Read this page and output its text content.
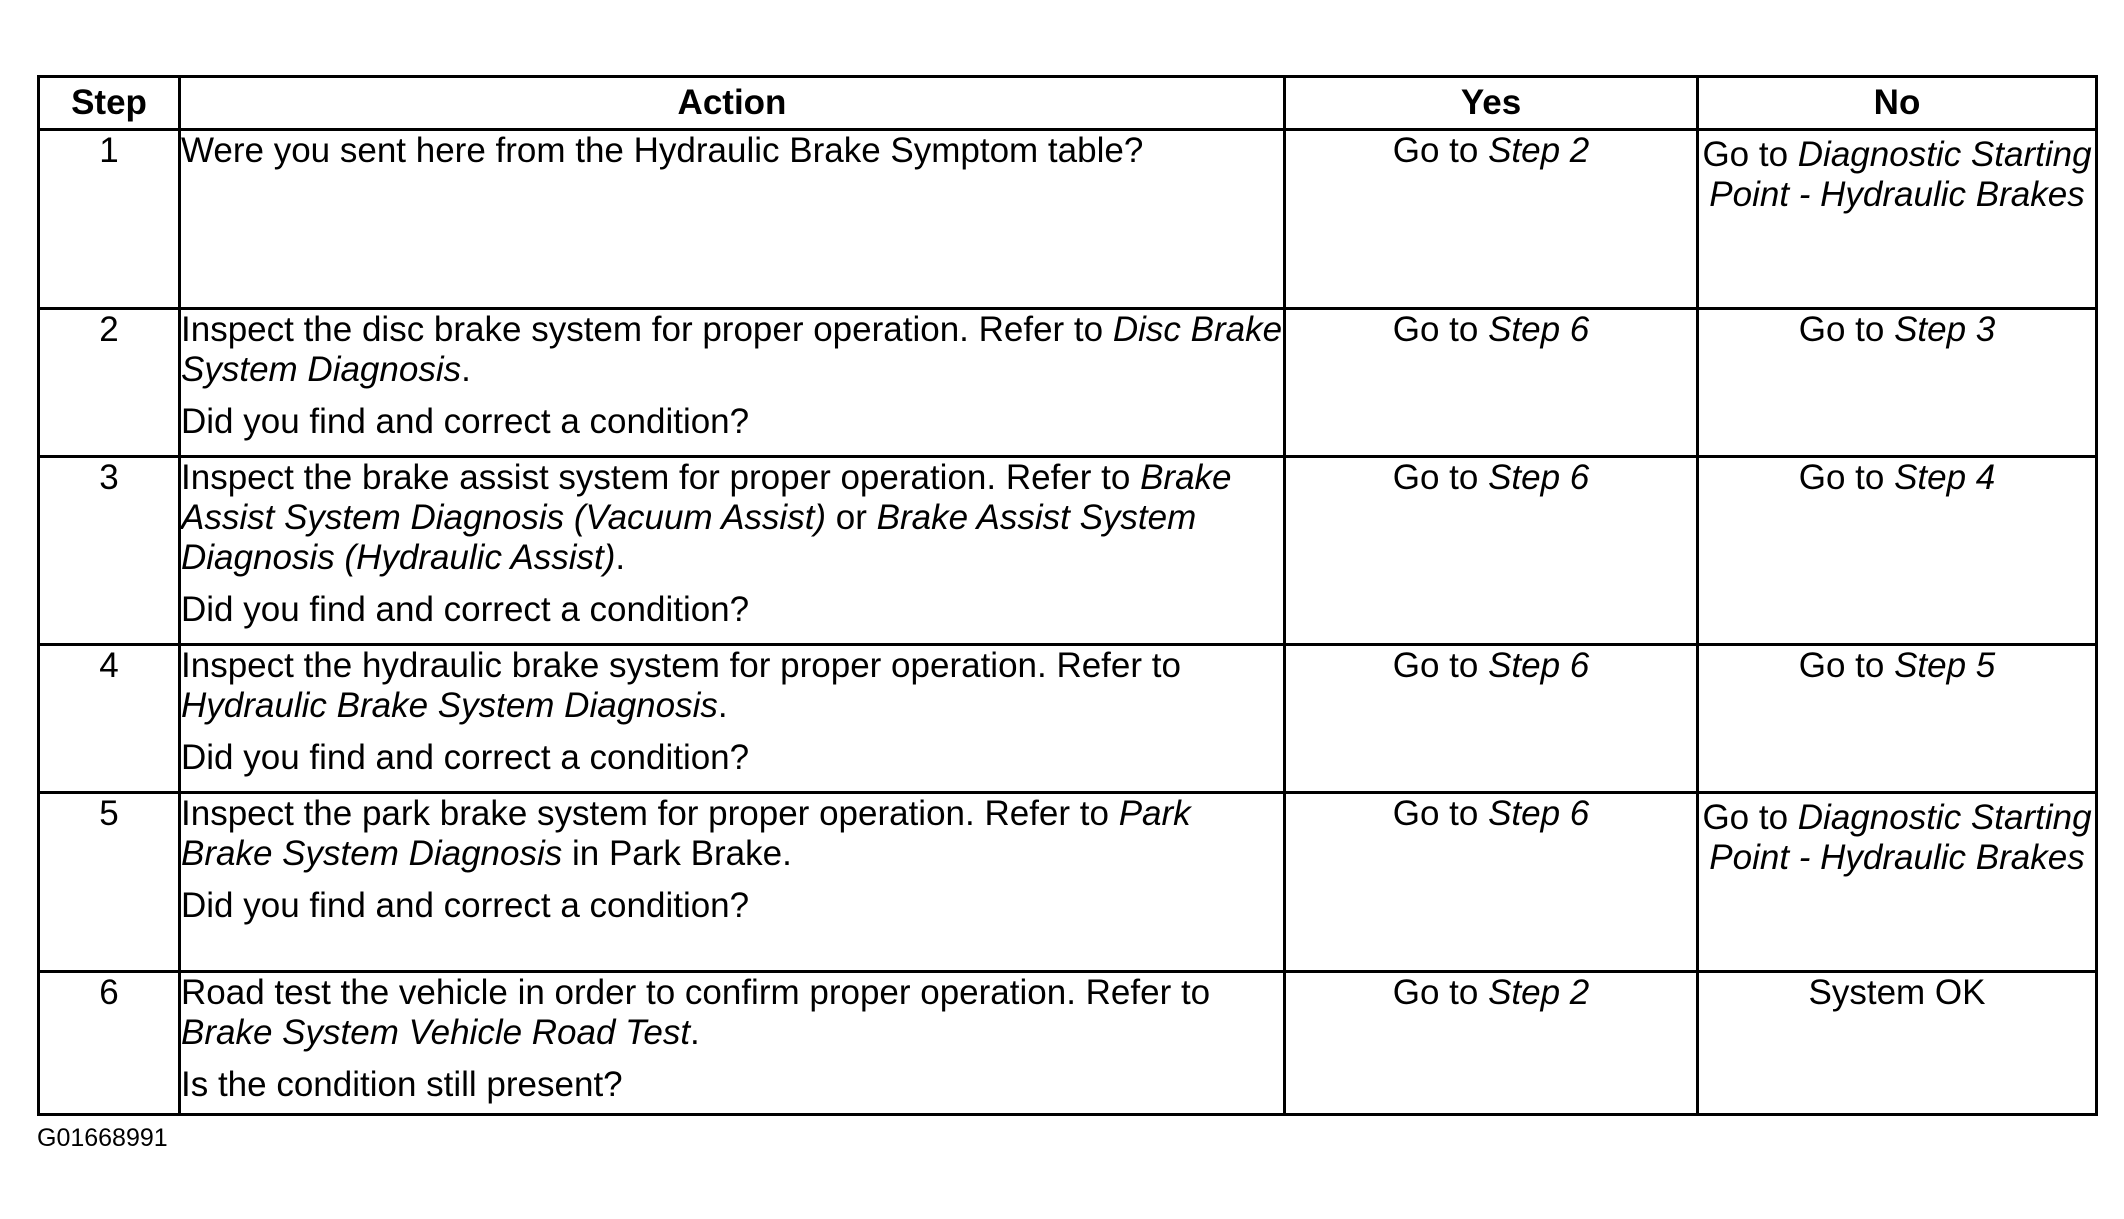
Step	Action	Yes	No
1	Were you sent here from the Hydraulic Brake Symptom table?	Go to Step 2	Go to Diagnostic Starting Point - Hydraulic Brakes
2	Inspect the disc brake system for proper operation. Refer to Disc Brake System Diagnosis.

Did you find and correct a condition?	Go to Step 6	Go to Step 3
3	Inspect the brake assist system for proper operation. Refer to Brake Assist System Diagnosis (Vacuum Assist) or Brake Assist System Diagnosis (Hydraulic Assist).

Did you find and correct a condition?	Go to Step 6	Go to Step 4
4	Inspect the hydraulic brake system for proper operation. Refer to Hydraulic Brake System Diagnosis.

Did you find and correct a condition?	Go to Step 6	Go to Step 5
5	Inspect the park brake system for proper operation. Refer to Park Brake System Diagnosis in Park Brake.

Did you find and correct a condition?	Go to Step 6	Go to Diagnostic Starting Point - Hydraulic Brakes
6	Road test the vehicle in order to confirm proper operation. Refer to Brake System Vehicle Road Test.

Is the condition still present?	Go to Step 2	System OK
G01668991
